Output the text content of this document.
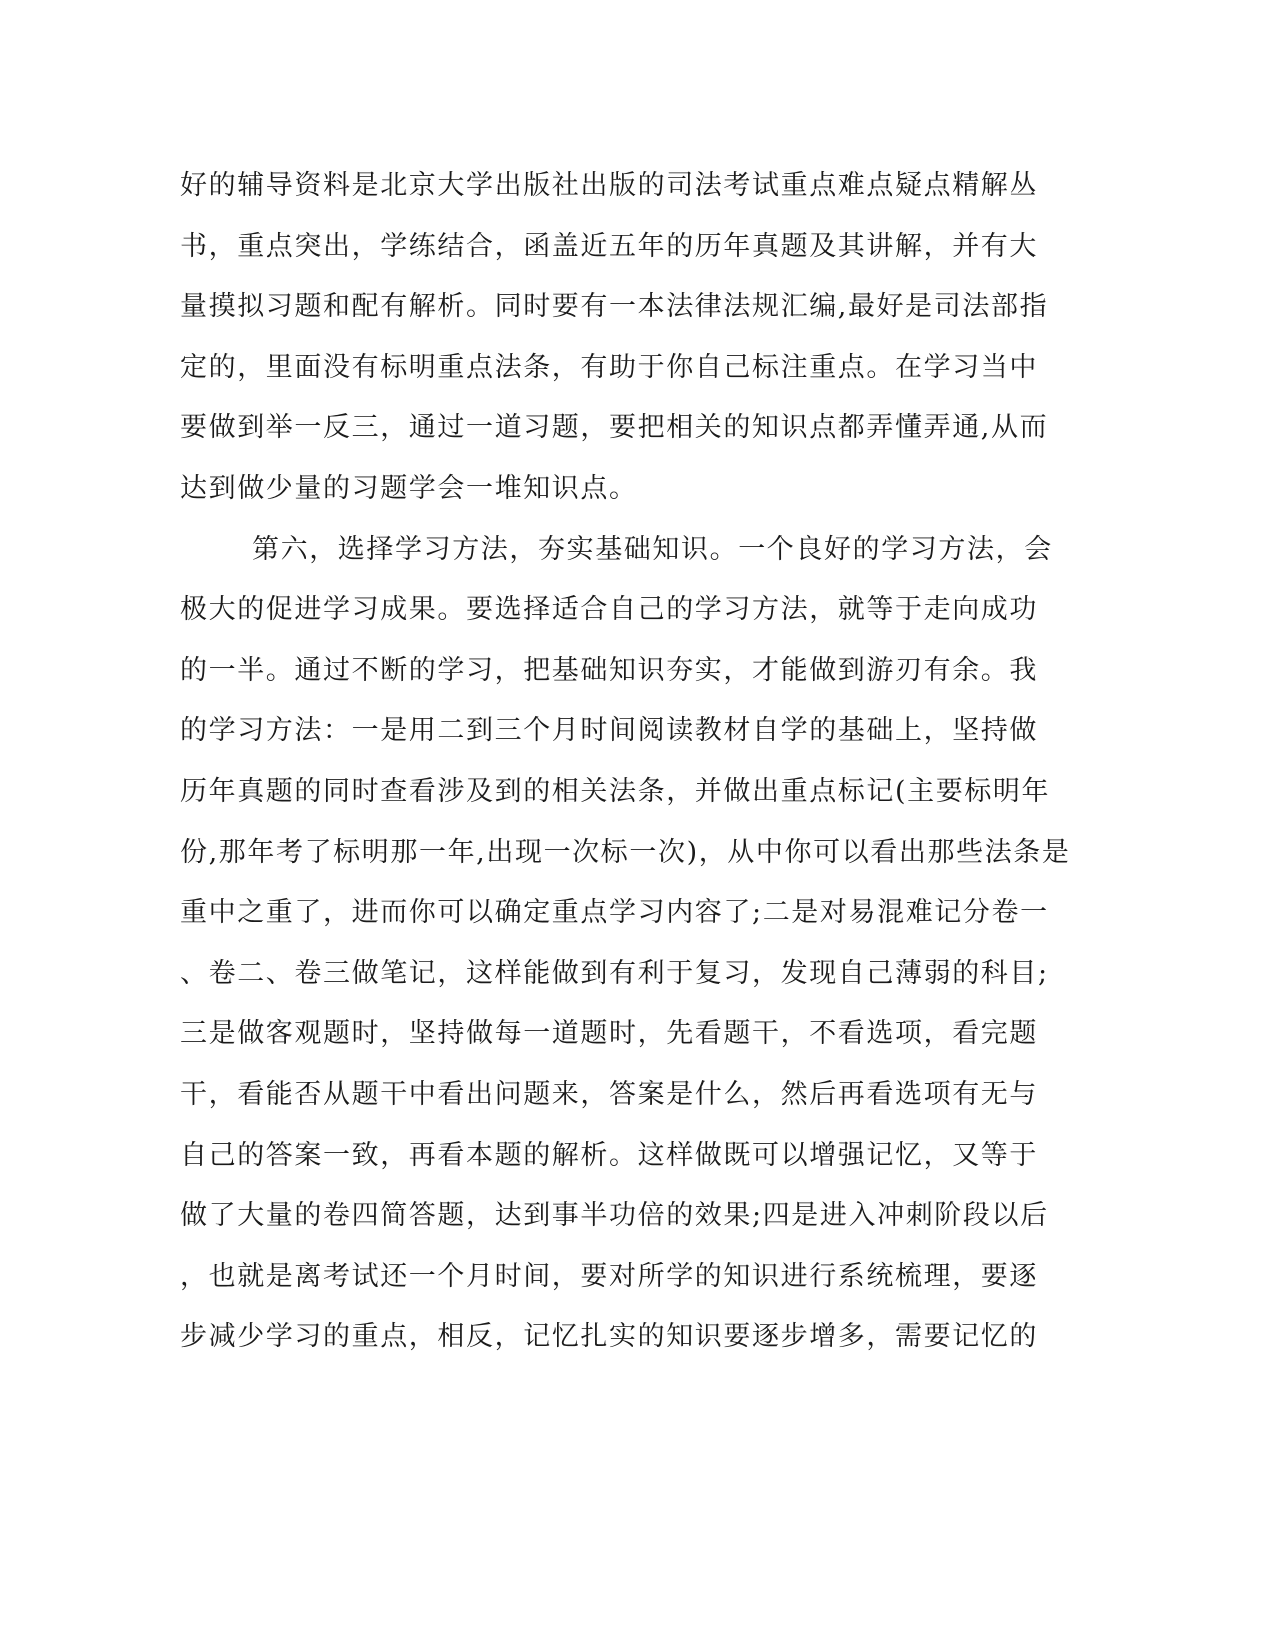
好的辅导资料是北京大学出版社出版的司法考试重点难点疑点精解丛
书，重点突出，学练结合，函盖近五年的历年真题及其讲解，并有大
量摸拟习题和配有解析。同时要有一本法律法规汇编,最好是司法部指
定的，里面没有标明重点法条，有助于你自己标注重点。在学习当中
要做到举一反三，通过一道习题，要把相关的知识点都弄懂弄通,从而
达到做少量的习题学会一堆知识点。
第六，选择学习方法，夯实基础知识。一个良好的学习方法，会
极大的促进学习成果。要选择适合自己的学习方法，就等于走向成功
的一半。通过不断的学习，把基础知识夯实，才能做到游刃有余。我
的学习方法：一是用二到三个月时间阅读教材自学的基础上，坚持做
历年真题的同时查看涉及到的相关法条，并做出重点标记(主要标明年
份,那年考了标明那一年,出现一次标一次)，从中你可以看出那些法条是
重中之重了，进而你可以确定重点学习内容了;二是对易混难记分卷一
、卷二、卷三做笔记，这样能做到有利于复习，发现自己薄弱的科目;
三是做客观题时，坚持做每一道题时，先看题干，不看选项，看完题
干，看能否从题干中看出问题来，答案是什么，然后再看选项有无与
自己的答案一致，再看本题的解析。这样做既可以增强记忆，又等于
做了大量的卷四简答题，达到事半功倍的效果;四是进入冲刺阶段以后
，也就是离考试还一个月时间，要对所学的知识进行系统梳理，要逐
步减少学习的重点，相反，记忆扎实的知识要逐步增多，需要记忆的
